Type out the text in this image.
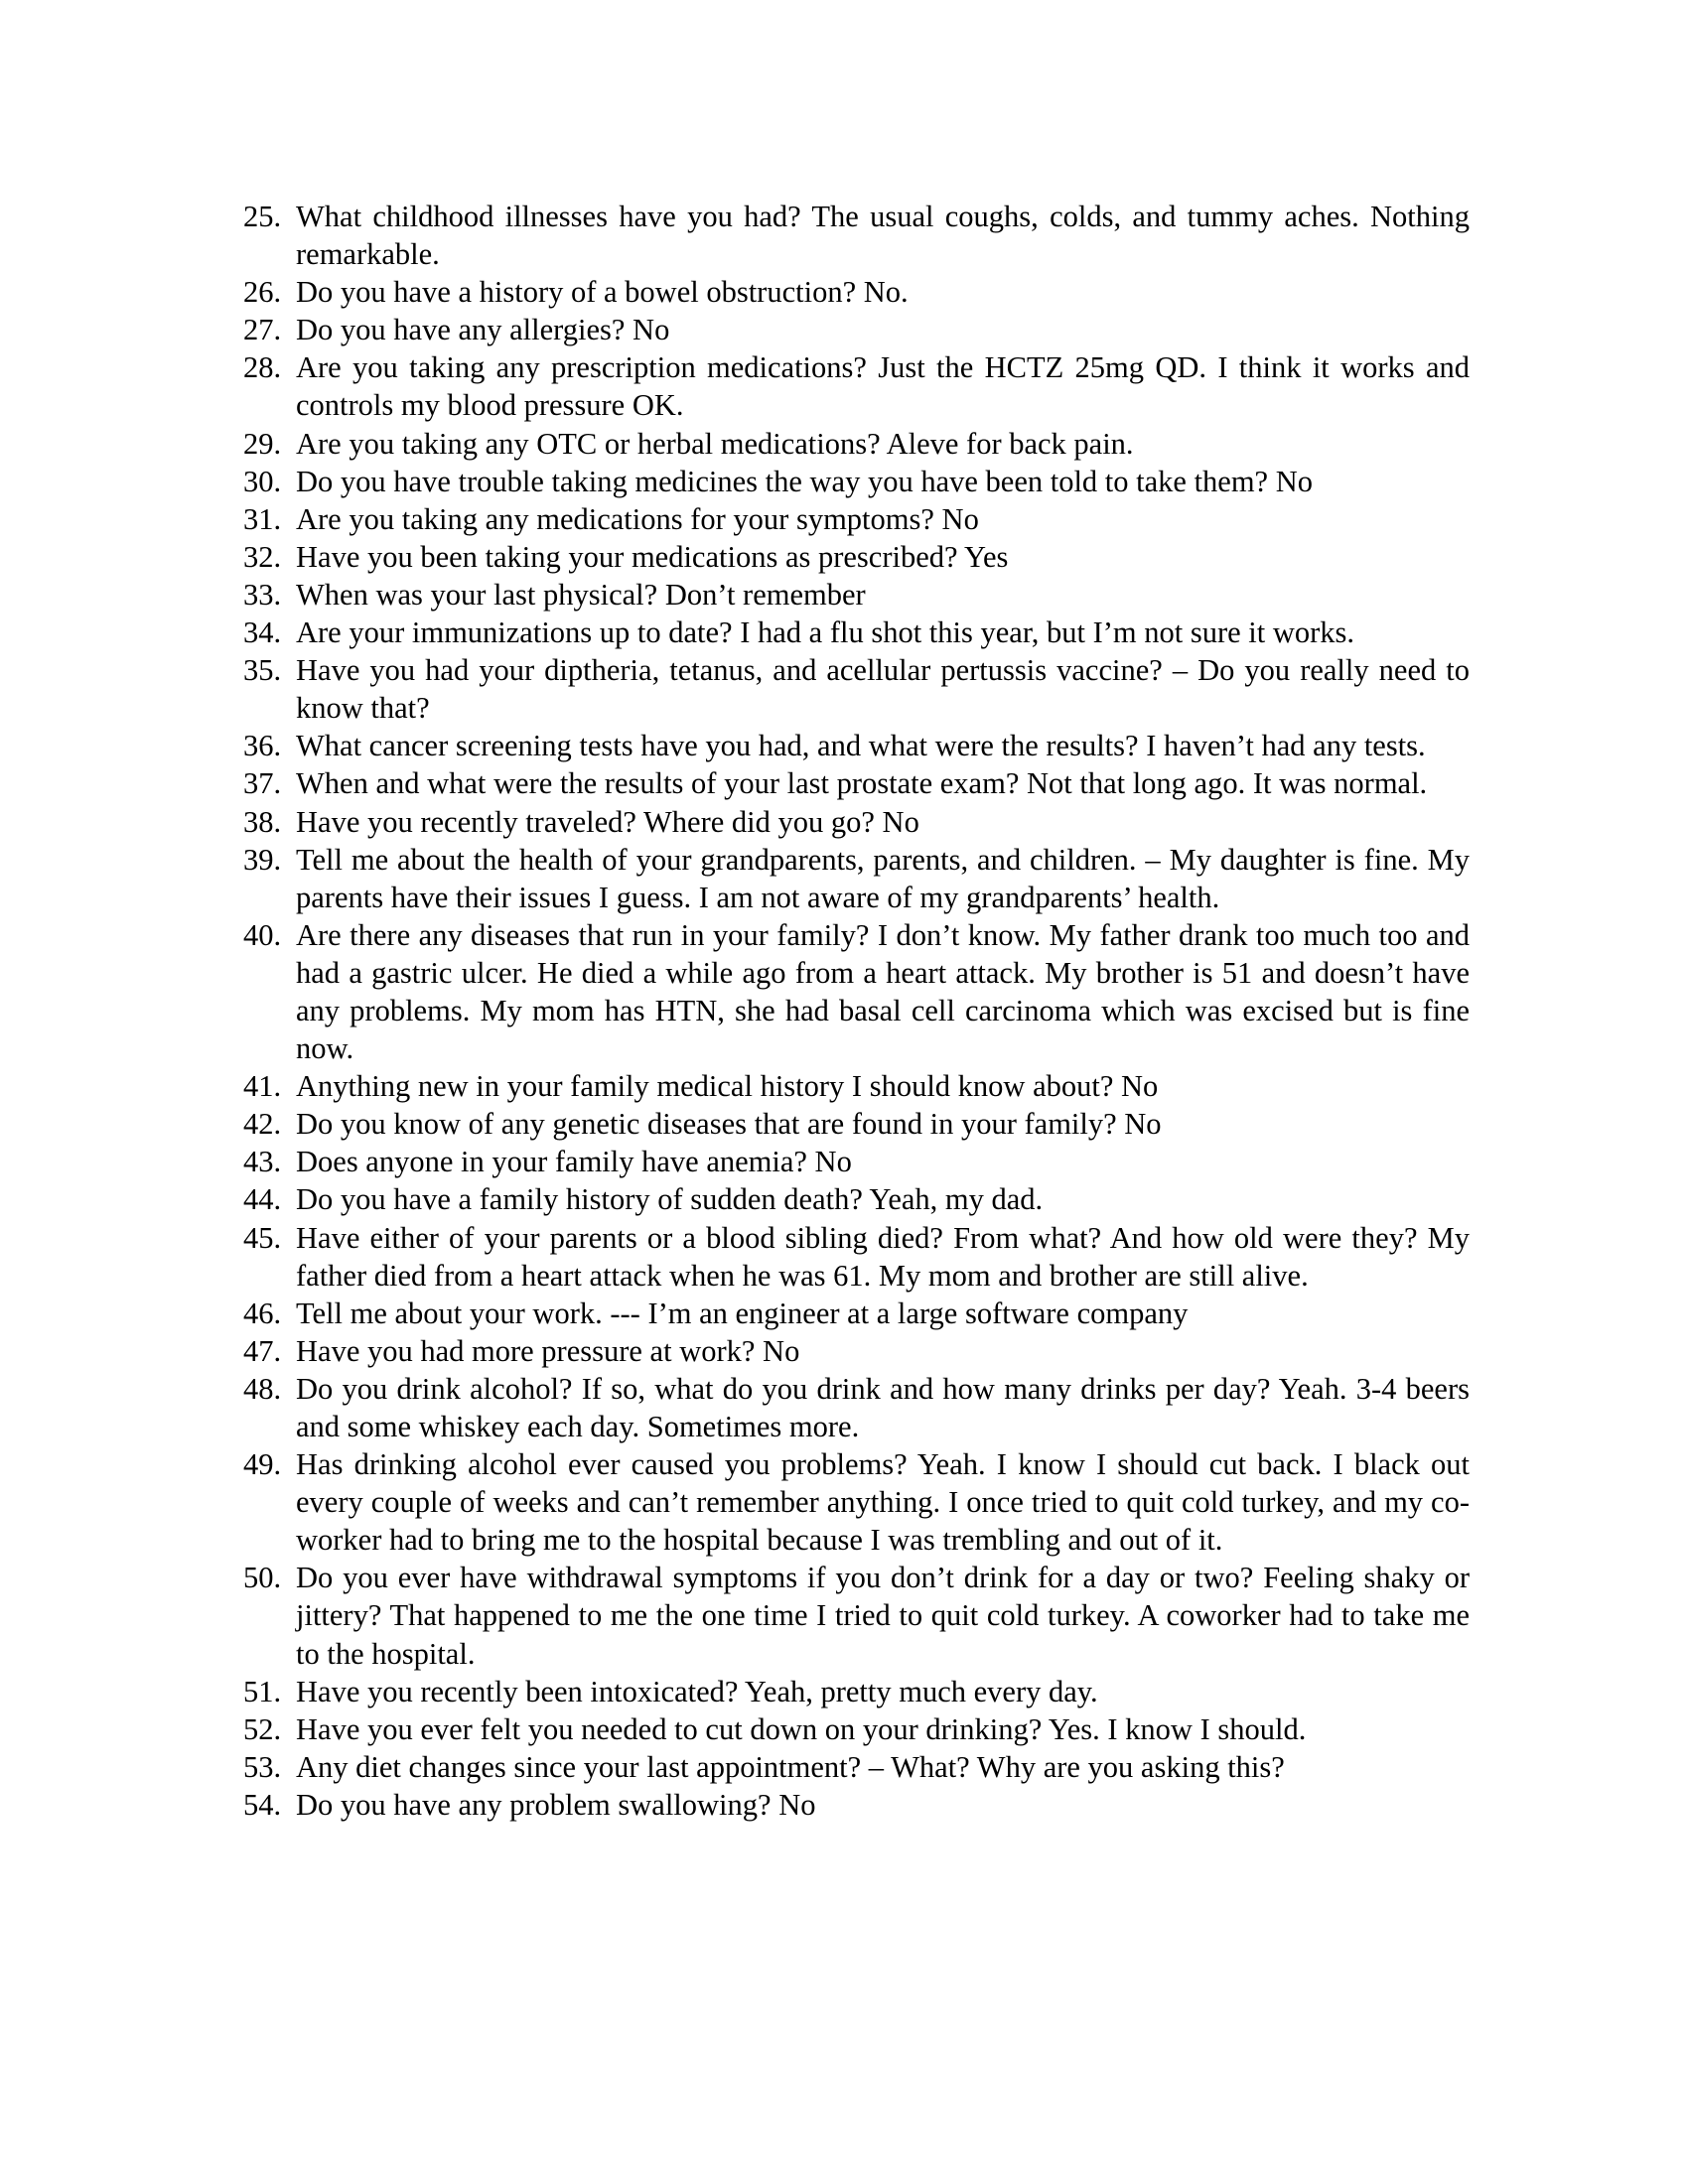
25. What childhood illnesses have you had? The usual coughs, colds, and tummy aches. Nothing remarkable.
26. Do you have a history of a bowel obstruction? No.
27. Do you have any allergies? No
28. Are you taking any prescription medications? Just the HCTZ 25mg QD. I think it works and controls my blood pressure OK.
29. Are you taking any OTC or herbal medications? Aleve for back pain.
30. Do you have trouble taking medicines the way you have been told to take them? No
31. Are you taking any medications for your symptoms? No
32. Have you been taking your medications as prescribed? Yes
33. When was your last physical? Don’t remember
34. Are your immunizations up to date? I had a flu shot this year, but I’m not sure it works.
35. Have you had your diptheria, tetanus, and acellular pertussis vaccine? – Do you really need to know that?
36. What cancer screening tests have you had, and what were the results? I haven’t had any tests.
37. When and what were the results of your last prostate exam? Not that long ago. It was normal.
38. Have you recently traveled? Where did you go? No
39. Tell me about the health of your grandparents, parents, and children. – My daughter is fine. My parents have their issues I guess. I am not aware of my grandparents’ health.
40. Are there any diseases that run in your family? I don’t know. My father drank too much too and had a gastric ulcer. He died a while ago from a heart attack. My brother is 51 and doesn’t have any problems. My mom has HTN, she had basal cell carcinoma which was excised but is fine now.
41. Anything new in your family medical history I should know about? No
42. Do you know of any genetic diseases that are found in your family? No
43. Does anyone in your family have anemia? No
44. Do you have a family history of sudden death? Yeah, my dad.
45. Have either of your parents or a blood sibling died? From what? And how old were they? My father died from a heart attack when he was 61. My mom and brother are still alive.
46. Tell me about your work. --- I’m an engineer at a large software company
47. Have you had more pressure at work? No
48. Do you drink alcohol? If so, what do you drink and how many drinks per day? Yeah. 3-4 beers and some whiskey each day. Sometimes more.
49. Has drinking alcohol ever caused you problems? Yeah. I know I should cut back. I black out every couple of weeks and can’t remember anything. I once tried to quit cold turkey, and my co-worker had to bring me to the hospital because I was trembling and out of it.
50. Do you ever have withdrawal symptoms if you don’t drink for a day or two? Feeling shaky or jittery? That happened to me the one time I tried to quit cold turkey. A coworker had to take me to the hospital.
51. Have you recently been intoxicated? Yeah, pretty much every day.
52. Have you ever felt you needed to cut down on your drinking? Yes. I know I should.
53. Any diet changes since your last appointment? – What? Why are you asking this?
54. Do you have any problem swallowing? No
